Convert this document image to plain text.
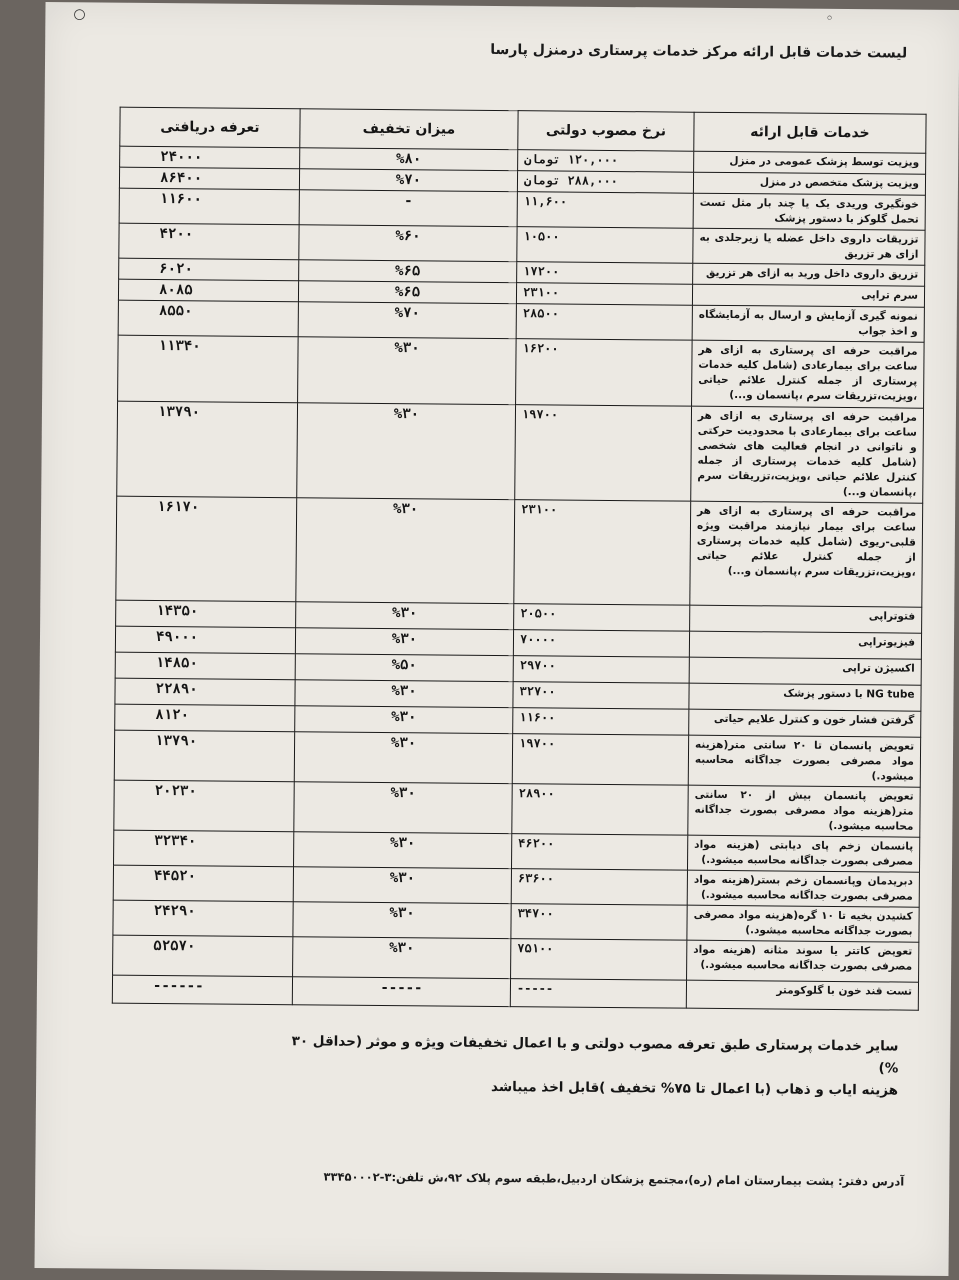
○	◦
لیست خدمات قابل ارائه مرکز خدمات پرستاری درمنزل پارسا
خدمات قابل ارائه	نرخ مصوب دولتی	میزان تخفیف	تعرفه دریافتی
ویزیت توسط پزشک عمومی در منزل	۱۲۰,۰۰۰ تومان	%۸۰	۲۴۰۰۰
ویزیت پزشک متخصص در منزل	۲۸۸,۰۰۰ تومان	%۷۰	۸۶۴۰۰
خونگیری وریدی یک یا چند بار مثل تست تحمل گلوکز با دستور پزشک	۱۱,۶۰۰	-	۱۱۶۰۰
تزریقات داروی داخل عضله یا زیرجلدی به ازای هر تزریق	۱۰۵۰۰	%۶۰	۴۲۰۰
تزریق داروی داخل ورید به ازای هر تزریق	۱۷۲۰۰	%۶۵	۶۰۲۰
سرم تراپی	۲۳۱۰۰	%۶۵	۸۰۸۵
نمونه گیری آزمایش و ارسال به آزمایشگاه و اخذ جواب	۲۸۵۰۰	%۷۰	۸۵۵۰
مراقبت حرفه ای پرستاری به ازای هر ساعت برای بیمارعادی (شامل کلیه خدمات پرستاری از جمله کنترل علائم حیاتی ،ویزیت،تزریقات سرم ،پانسمان و...)	۱۶۲۰۰	%۳۰	۱۱۳۴۰
مراقبت حرفه ای پرستاری به ازای هر ساعت برای بیمارعادی با محدودیت حرکتی و ناتوانی در انجام فعالیت های شخصی (شامل کلیه خدمات پرستاری از جمله کنترل علائم حیاتی ،ویزیت،تزریقات سرم ،پانسمان و...)	۱۹۷۰۰	%۳۰	۱۳۷۹۰
مراقبت حرفه ای پرستاری به ازای هر ساعت برای بیمار نیازمند مراقبت ویژه قلبی-ریوی (شامل کلیه خدمات پرستاری از جمله کنترل علائم حیاتی ،ویزیت،تزریقات سرم ،پانسمان و...)	۲۳۱۰۰	%۳۰	۱۶۱۷۰
فتوتراپی	۲۰۵۰۰	%۳۰	۱۴۳۵۰
فیزیوتراپی	۷۰۰۰۰	%۳۰	۴۹۰۰۰
اکسیژن تراپی	۲۹۷۰۰	%۵۰	۱۴۸۵۰
NG tube با دستور پزشک	۳۲۷۰۰	%۳۰	۲۲۸۹۰
گرفتن فشار خون و کنترل علایم حیاتی	۱۱۶۰۰	%۳۰	۸۱۲۰
تعویض پانسمان تا ۲۰ سانتی متر(هزینه مواد مصرفی بصورت جداگانه محاسبه میشود.)	۱۹۷۰۰	%۳۰	۱۳۷۹۰
تعویض پانسمان بیش از ۲۰ سانتی متر(هزینه مواد مصرفی بصورت جداگانه محاسبه میشود.)	۲۸۹۰۰	%۳۰	۲۰۲۳۰
پانسمان زخم پای دیابتی (هزینه مواد مصرفی بصورت جداگانه محاسبه میشود.)	۴۶۲۰۰	%۳۰	۳۲۳۴۰
دبریدمان وپانسمان زخم بستر(هزینه مواد مصرفی بصورت جداگانه محاسبه میشود.)	۶۳۶۰۰	%۳۰	۴۴۵۲۰
کشیدن بخیه تا ۱۰ گره(هزینه مواد مصرفی بصورت جداگانه محاسبه میشود.)	۳۴۷۰۰	%۳۰	۲۴۲۹۰
تعویض کاتتر یا سوند مثانه (هزینه مواد مصرفی بصورت جداگانه محاسبه میشود.)	۷۵۱۰۰	%۳۰	۵۲۵۷۰
تست قند خون با گلوکومتر	-----	-----	------
سایر خدمات پرستاری طبق تعرفه مصوب دولتی و با اعمال تخفیفات ویژه و موثر (حداقل ۳۰ %)
هزینه ایاب و ذهاب (با اعمال تا ۷۵% تخفیف )قابل اخذ میباشد
آدرس دفتر: پشت بیمارستان امام (ره)،مجتمع پزشکان اردبیل،طبقه سوم پلاک ۹۲،ش تلفن:۳-۳۳۴۵۰۰۰۲
